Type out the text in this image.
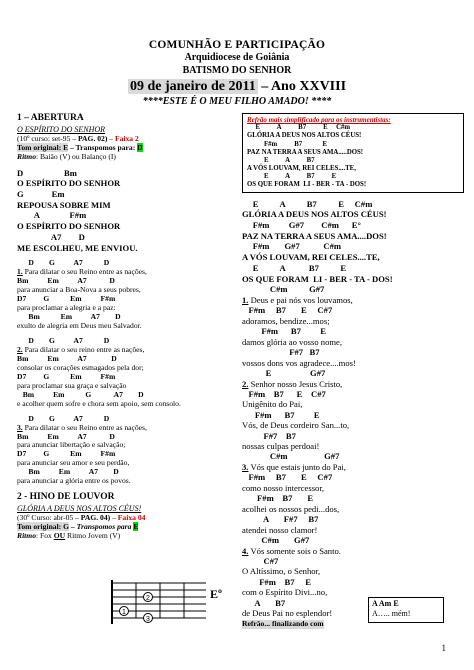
COMUNHÃO E PARTICIPAÇÃO
Arquidiocese de Goiânia
BATISMO DO SENHOR
09 de janeiro de 2011 – Ano XXVIII
****ESTE É O MEU FILHO AMADO! ****
1 – ABERTURA
O ESPÍRITO DO SENHOR
(10º curso: set-95 – PAG. 02) – Faixa 2
Tom original: E – Transpomos para: D
Ritmo: Baião (V) ou Balanço (I)
D                   Bm
O ESPÍRITO DO SENHOR
G             Em
REPOUSA SOBRE MIM
A              F#m
O ESPÍRITO DO SENHOR
A7        D
ME ESCOLHEU, ME ENVIOU.
D        G          A7           D
1. Para dilatar o seu Reino entre as nações,
Bm          Em          A7            D
para anunciar a Boa-Nova a seus pobres,
D7         G           Em          F#m
para proclamar a alegria e a paz:
Bm           Em          A7        D
exulto de alegria em Deus meu Salvador.
D        G          A7           D
2. Para dilatar o seu reino entre as nações,
Bm          Em          A7             D
consolar os corações esmagados pela dor;
D7         G           Em          F#m
para proclamar sua graça e salvação
Bm          Em           G            A7        D
e acolher quem sofre e chora sem apoio, sem consolo.
D        G          A7           D
3. Para dilatar o seu Reino entre as nações,
Bm          Em          A7            D
para anunciar libertação e salvação;
D7         G           Em          F#m
para anunciar seu amor e seu perdão,
Bm          Em          A7        D
para anunciar a glória entre os povos.
2 - HINO DE LOUVOR
GLÓRIA A DEUS NOS ALTOS CÉUS!
(30º Curso: abr-05 – PAG. 04) – Faixa 04
Tom original: G – Transpomos para E
Ritmo: Fox OU Ritmo Jovem (V)
1
2
3
Eº
Refrão mais simplificado para os instrumentistas:
E          A          B7          E     C#m
GLÓRIA A DEUS NOS ALTOS CÉUS!
F#m          B7            E
PAZ NA TERRA A SEUS AMA.....DOS!
E          A          B7
A VÓS LOUVAM, REI CELES....TE,
E          A          B7          E
OS QUE FORAM  LI - BER - TA - DOS!
E          A          B7          E     C#m
GLÓRIA A DEUS NOS ALTOS CÉUS!
F#m         G#7        C#m      E°
PAZ NA TERRA A SEUS AMA....DOS!
F#m       G#7           C#m
A VÓS LOUVAM, REI CELES....TE,
E          A           B7          E
OS QUE FORAM  LI - BER - TA - DOS!
C#m          G#7
1. Deus e pai nós vos louvamos,
F#m     B7       E     C#7
adoramos, bendize...mos;
F#m      B7         E
damos glória ao vosso nome,
F#7   B7
vossos dons vos agradece....mos!
E                  G#7
2. Senhor nosso Jesus Cristo,
F#m    B7      E    C#7
Unigênito do Pai,
F#m      B7         E
Vós, de Deus cordeiro San...to,
F#7    B7
nossas culpas perdoai!
C#m                 G#7
3. Vós que estais junto do Pai,
F#m     B7       E     C#7
como nosso intercessor,
F#m    B7       E
acolhei os nossos pedi...dos,
A       F#7     B7
atendei nosso clamor!
C#m       G#7
4. Vós somente sois o Santo.
C#7
O Altíssimo, o Senhor,
F#m    B7     E
com o Espírito Divi...no,
A       B7
de Deus Pai no esplendor!
Refrão... finalizando com
A Am E
A….. mém!
1
